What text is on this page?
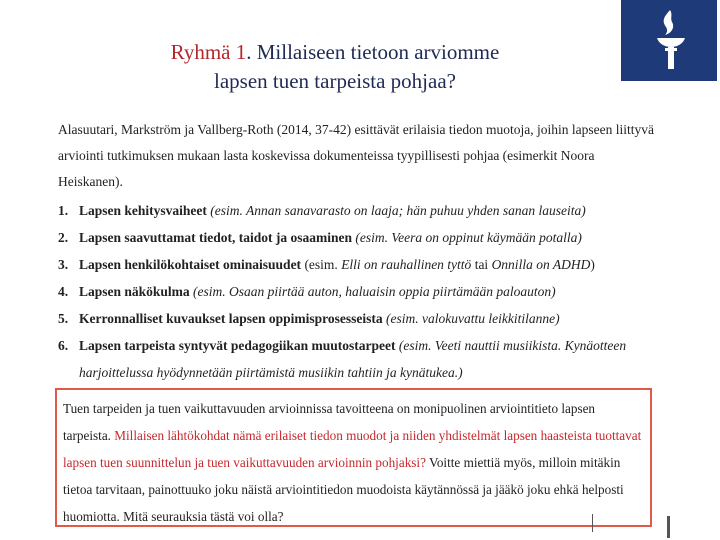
Ryhmä 1. Millaiseen tietoon arviomme
lapsen tuen tarpeista pohjaa?
Alasuutari, Markström ja Vallberg-Roth (2014, 37-42) esittävät erilaisia tiedon muotoja, joihin lapseen liittyvä arviointi tutkimuksen mukaan lasta koskevissa dokumenteissa tyypillisesti pohjaa (esimerkit Noora Heiskanen).
1. Lapsen kehitysvaiheet (esim. Annan sanavarasto on laaja; hän puhuu yhden sanan lauseita)
2. Lapsen saavuttamat tiedot, taidot ja osaaminen (esim. Veera on oppinut käymään potalla)
3. Lapsen henkilökohtaiset ominaisuudet (esim. Elli on rauhallinen tyttö tai Onnilla on ADHD)
4. Lapsen näkökulma (esim. Osaan piirtää auton, haluaisin oppia piirtämään paloauton)
5. Kerronnalliset kuvaukset lapsen oppimisprosesseista (esim. valokuvattu leikkitilanne)
6. Lapsen tarpeista syntyvät pedagogiikan muutostarpeet (esim. Veeti nauttii musiikista. Kynäotteen harjoittelussa hyödynnetään piirtämistä musiikin tahtiin ja kynätukea.)
Tuen tarpeiden ja tuen vaikuttavuuden arvioinnissa tavoitteena on monipuolinen arviointitieto lapsen tarpeista. Millaisen lähtökohdat nämä erilaiset tiedon muodot ja niiden yhdistelmät lapsen haasteista tuottavat lapsen tuen suunnittelun ja tuen vaikuttavuuden arvioinnin pohjaksi? Voitte miettiä myös, milloin mitäkin tietoa tarvitaan, painottuuko joku näistä arviointitiedon muodoista käytännössä ja jääkö joku ehkä helposti huomiotta. Mitä seurauksia tästä voi olla?
